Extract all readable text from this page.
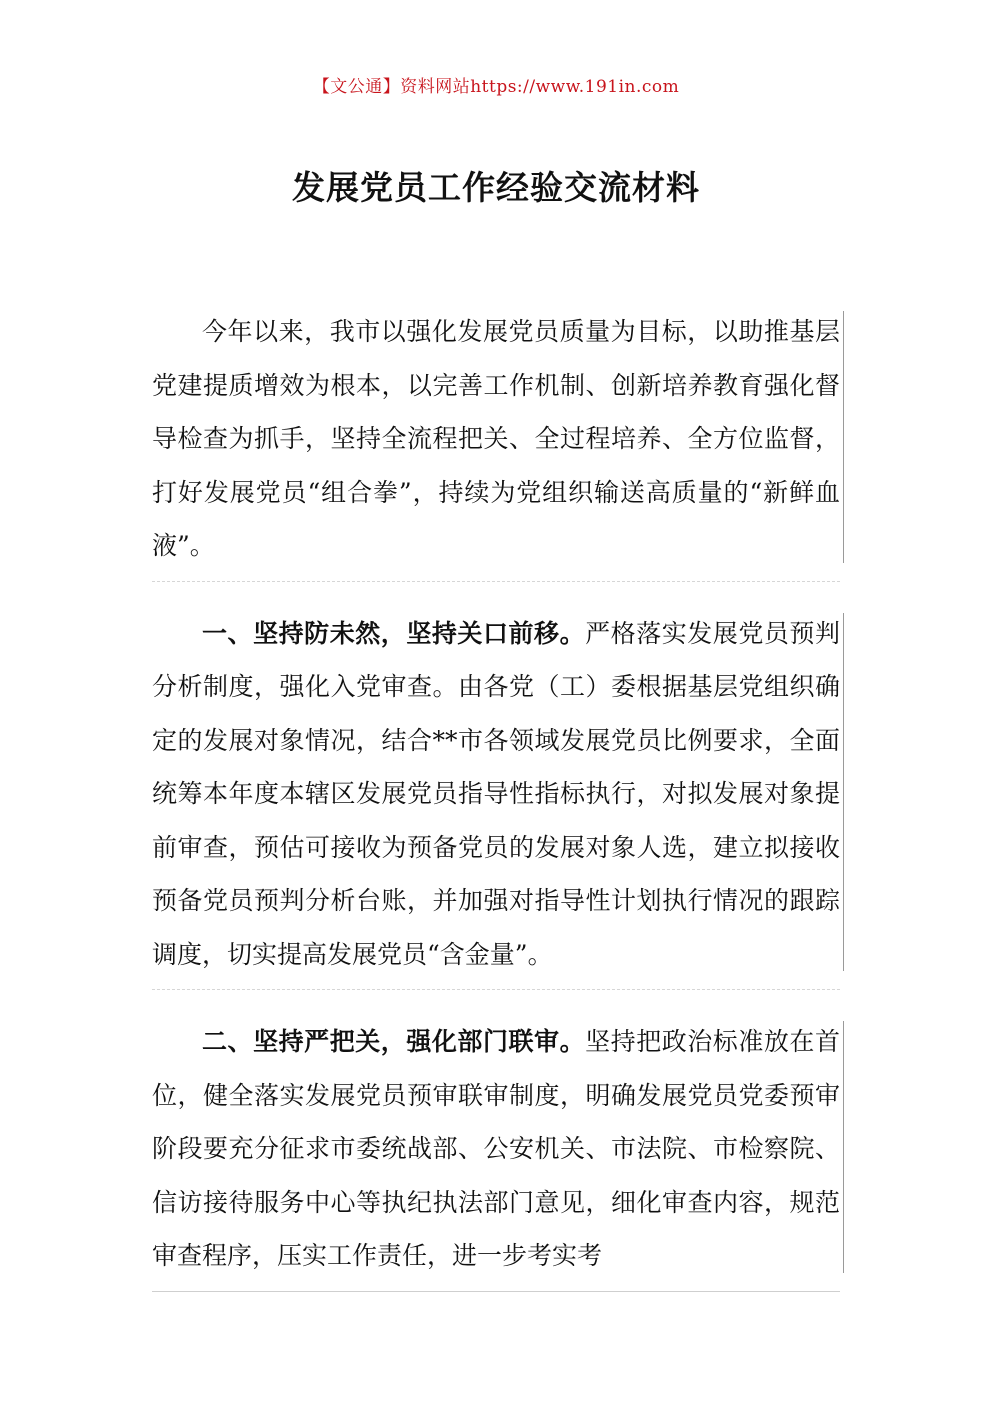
【文公通】资料网站https://www.191in.com
发展党员工作经验交流材料

今年以来，我市以强化发展党员质量为目标，以助推基层党建提质增效为根本，以完善工作机制、创新培养教育强化督导检查为抓手，坚持全流程把关、全过程培养、全方位监督，打好发展党员“组合拳”，持续为党组织输送高质量的“新鲜血液”。

一、坚持防未然，坚持关口前移。严格落实发展党员预判分析制度，强化入党审查。由各党（工）委根据基层党组织确定的发展对象情况，结合**市各领域发展党员比例要求，全面统筹本年度本辖区发展党员指导性指标执行，对拟发展对象提前审查，预估可接收为预备党员的发展对象人选，建立拟接收预备党员预判分析台账，并加强对指导性计划执行情况的跟踪调度，切实提高发展党员“含金量”。

二、坚持严把关，强化部门联审。坚持把政治标准放在首位，健全落实发展党员预审联审制度，明确发展党员党委预审阶段要充分征求市委统战部、公安机关、市法院、市检察院、信访接待服务中心等执纪执法部门意见，细化审查内容，规范审查程序，压实工作责任，进一步考实考
